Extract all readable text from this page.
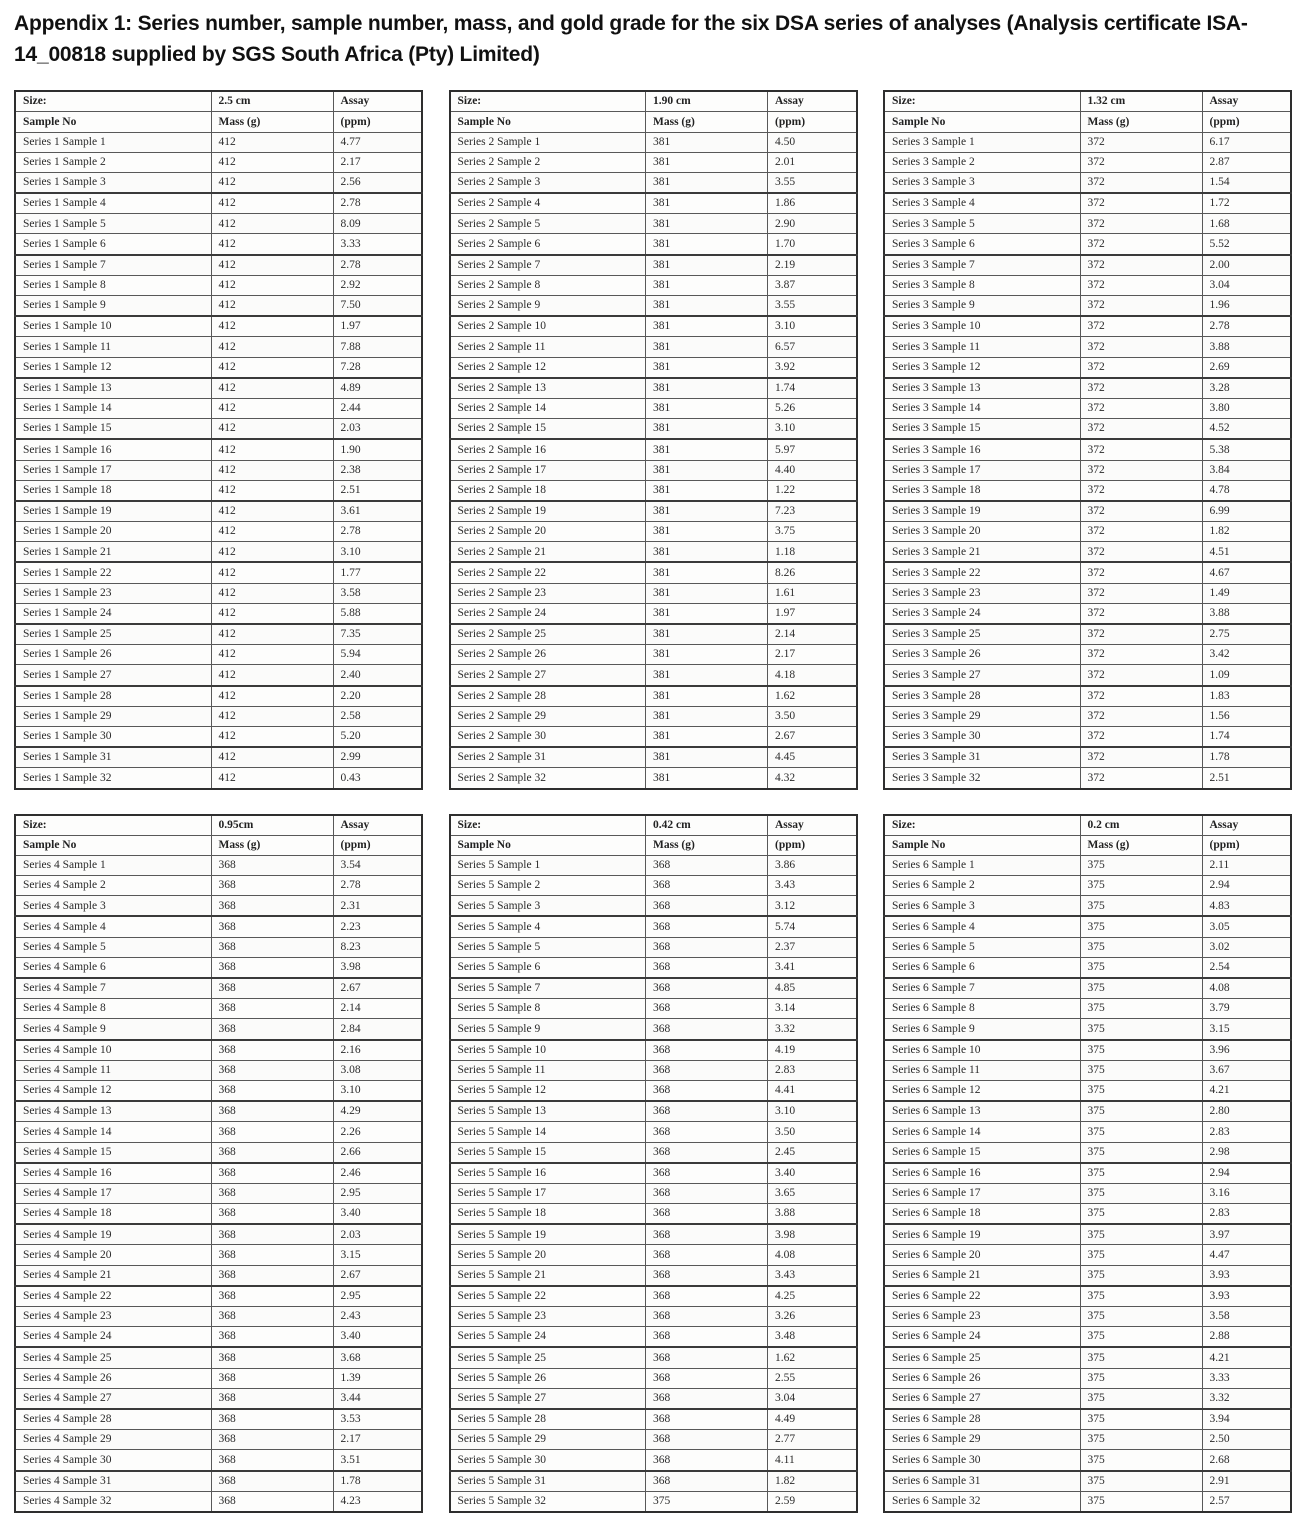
Appendix 1: Series number, sample number, mass, and gold grade for the six DSA series of analyses (Analysis certificate ISA-14_00818 supplied by SGS South Africa (Pty) Limited)
Size:	2.5 cm	Assay
Sample No	Mass (g)	(ppm)
Series 1 Sample 1	412	4.77
Series 1 Sample 2	412	2.17
Series 1 Sample 3	412	2.56
Series 1 Sample 4	412	2.78
Series 1 Sample 5	412	8.09
Series 1 Sample 6	412	3.33
Series 1 Sample 7	412	2.78
Series 1 Sample 8	412	2.92
Series 1 Sample 9	412	7.50
Series 1 Sample 10	412	1.97
Series 1 Sample 11	412	7.88
Series 1 Sample 12	412	7.28
Series 1 Sample 13	412	4.89
Series 1 Sample 14	412	2.44
Series 1 Sample 15	412	2.03
Series 1 Sample 16	412	1.90
Series 1 Sample 17	412	2.38
Series 1 Sample 18	412	2.51
Series 1 Sample 19	412	3.61
Series 1 Sample 20	412	2.78
Series 1 Sample 21	412	3.10
Series 1 Sample 22	412	1.77
Series 1 Sample 23	412	3.58
Series 1 Sample 24	412	5.88
Series 1 Sample 25	412	7.35
Series 1 Sample 26	412	5.94
Series 1 Sample 27	412	2.40
Series 1 Sample 28	412	2.20
Series 1 Sample 29	412	2.58
Series 1 Sample 30	412	5.20
Series 1 Sample 31	412	2.99
Series 1 Sample 32	412	0.43
Size:	1.90 cm	Assay
Sample No	Mass (g)	(ppm)
Series 2 Sample 1	381	4.50
Series 2 Sample 2	381	2.01
Series 2 Sample 3	381	3.55
Series 2 Sample 4	381	1.86
Series 2 Sample 5	381	2.90
Series 2 Sample 6	381	1.70
Series 2 Sample 7	381	2.19
Series 2 Sample 8	381	3.87
Series 2 Sample 9	381	3.55
Series 2 Sample 10	381	3.10
Series 2 Sample 11	381	6.57
Series 2 Sample 12	381	3.92
Series 2 Sample 13	381	1.74
Series 2 Sample 14	381	5.26
Series 2 Sample 15	381	3.10
Series 2 Sample 16	381	5.97
Series 2 Sample 17	381	4.40
Series 2 Sample 18	381	1.22
Series 2 Sample 19	381	7.23
Series 2 Sample 20	381	3.75
Series 2 Sample 21	381	1.18
Series 2 Sample 22	381	8.26
Series 2 Sample 23	381	1.61
Series 2 Sample 24	381	1.97
Series 2 Sample 25	381	2.14
Series 2 Sample 26	381	2.17
Series 2 Sample 27	381	4.18
Series 2 Sample 28	381	1.62
Series 2 Sample 29	381	3.50
Series 2 Sample 30	381	2.67
Series 2 Sample 31	381	4.45
Series 2 Sample 32	381	4.32
Size:	1.32 cm	Assay
Sample No	Mass (g)	(ppm)
Series 3 Sample 1	372	6.17
Series 3 Sample 2	372	2.87
Series 3 Sample 3	372	1.54
Series 3 Sample 4	372	1.72
Series 3 Sample 5	372	1.68
Series 3 Sample 6	372	5.52
Series 3 Sample 7	372	2.00
Series 3 Sample 8	372	3.04
Series 3 Sample 9	372	1.96
Series 3 Sample 10	372	2.78
Series 3 Sample 11	372	3.88
Series 3 Sample 12	372	2.69
Series 3 Sample 13	372	3.28
Series 3 Sample 14	372	3.80
Series 3 Sample 15	372	4.52
Series 3 Sample 16	372	5.38
Series 3 Sample 17	372	3.84
Series 3 Sample 18	372	4.78
Series 3 Sample 19	372	6.99
Series 3 Sample 20	372	1.82
Series 3 Sample 21	372	4.51
Series 3 Sample 22	372	4.67
Series 3 Sample 23	372	1.49
Series 3 Sample 24	372	3.88
Series 3 Sample 25	372	2.75
Series 3 Sample 26	372	3.42
Series 3 Sample 27	372	1.09
Series 3 Sample 28	372	1.83
Series 3 Sample 29	372	1.56
Series 3 Sample 30	372	1.74
Series 3 Sample 31	372	1.78
Series 3 Sample 32	372	2.51
Size:	0.95cm	Assay
Sample No	Mass (g)	(ppm)
Series 4 Sample 1	368	3.54
Series 4 Sample 2	368	2.78
Series 4 Sample 3	368	2.31
Series 4 Sample 4	368	2.23
Series 4 Sample 5	368	8.23
Series 4 Sample 6	368	3.98
Series 4 Sample 7	368	2.67
Series 4 Sample 8	368	2.14
Series 4 Sample 9	368	2.84
Series 4 Sample 10	368	2.16
Series 4 Sample 11	368	3.08
Series 4 Sample 12	368	3.10
Series 4 Sample 13	368	4.29
Series 4 Sample 14	368	2.26
Series 4 Sample 15	368	2.66
Series 4 Sample 16	368	2.46
Series 4 Sample 17	368	2.95
Series 4 Sample 18	368	3.40
Series 4 Sample 19	368	2.03
Series 4 Sample 20	368	3.15
Series 4 Sample 21	368	2.67
Series 4 Sample 22	368	2.95
Series 4 Sample 23	368	2.43
Series 4 Sample 24	368	3.40
Series 4 Sample 25	368	3.68
Series 4 Sample 26	368	1.39
Series 4 Sample 27	368	3.44
Series 4 Sample 28	368	3.53
Series 4 Sample 29	368	2.17
Series 4 Sample 30	368	3.51
Series 4 Sample 31	368	1.78
Series 4 Sample 32	368	4.23
Size:	0.42 cm	Assay
Sample No	Mass (g)	(ppm)
Series 5 Sample 1	368	3.86
Series 5 Sample 2	368	3.43
Series 5 Sample 3	368	3.12
Series 5 Sample 4	368	5.74
Series 5 Sample 5	368	2.37
Series 5 Sample 6	368	3.41
Series 5 Sample 7	368	4.85
Series 5 Sample 8	368	3.14
Series 5 Sample 9	368	3.32
Series 5 Sample 10	368	4.19
Series 5 Sample 11	368	2.83
Series 5 Sample 12	368	4.41
Series 5 Sample 13	368	3.10
Series 5 Sample 14	368	3.50
Series 5 Sample 15	368	2.45
Series 5 Sample 16	368	3.40
Series 5 Sample 17	368	3.65
Series 5 Sample 18	368	3.88
Series 5 Sample 19	368	3.98
Series 5 Sample 20	368	4.08
Series 5 Sample 21	368	3.43
Series 5 Sample 22	368	4.25
Series 5 Sample 23	368	3.26
Series 5 Sample 24	368	3.48
Series 5 Sample 25	368	1.62
Series 5 Sample 26	368	2.55
Series 5 Sample 27	368	3.04
Series 5 Sample 28	368	4.49
Series 5 Sample 29	368	2.77
Series 5 Sample 30	368	4.11
Series 5 Sample 31	368	1.82
Series 5 Sample 32	375	2.59
Size:	0.2 cm	Assay
Sample No	Mass (g)	(ppm)
Series 6 Sample 1	375	2.11
Series 6 Sample 2	375	2.94
Series 6 Sample 3	375	4.83
Series 6 Sample 4	375	3.05
Series 6 Sample 5	375	3.02
Series 6 Sample 6	375	2.54
Series 6 Sample 7	375	4.08
Series 6 Sample 8	375	3.79
Series 6 Sample 9	375	3.15
Series 6 Sample 10	375	3.96
Series 6 Sample 11	375	3.67
Series 6 Sample 12	375	4.21
Series 6 Sample 13	375	2.80
Series 6 Sample 14	375	2.83
Series 6 Sample 15	375	2.98
Series 6 Sample 16	375	2.94
Series 6 Sample 17	375	3.16
Series 6 Sample 18	375	2.83
Series 6 Sample 19	375	3.97
Series 6 Sample 20	375	4.47
Series 6 Sample 21	375	3.93
Series 6 Sample 22	375	3.93
Series 6 Sample 23	375	3.58
Series 6 Sample 24	375	2.88
Series 6 Sample 25	375	4.21
Series 6 Sample 26	375	3.33
Series 6 Sample 27	375	3.32
Series 6 Sample 28	375	3.94
Series 6 Sample 29	375	2.50
Series 6 Sample 30	375	2.68
Series 6 Sample 31	375	2.91
Series 6 Sample 32	375	2.57
